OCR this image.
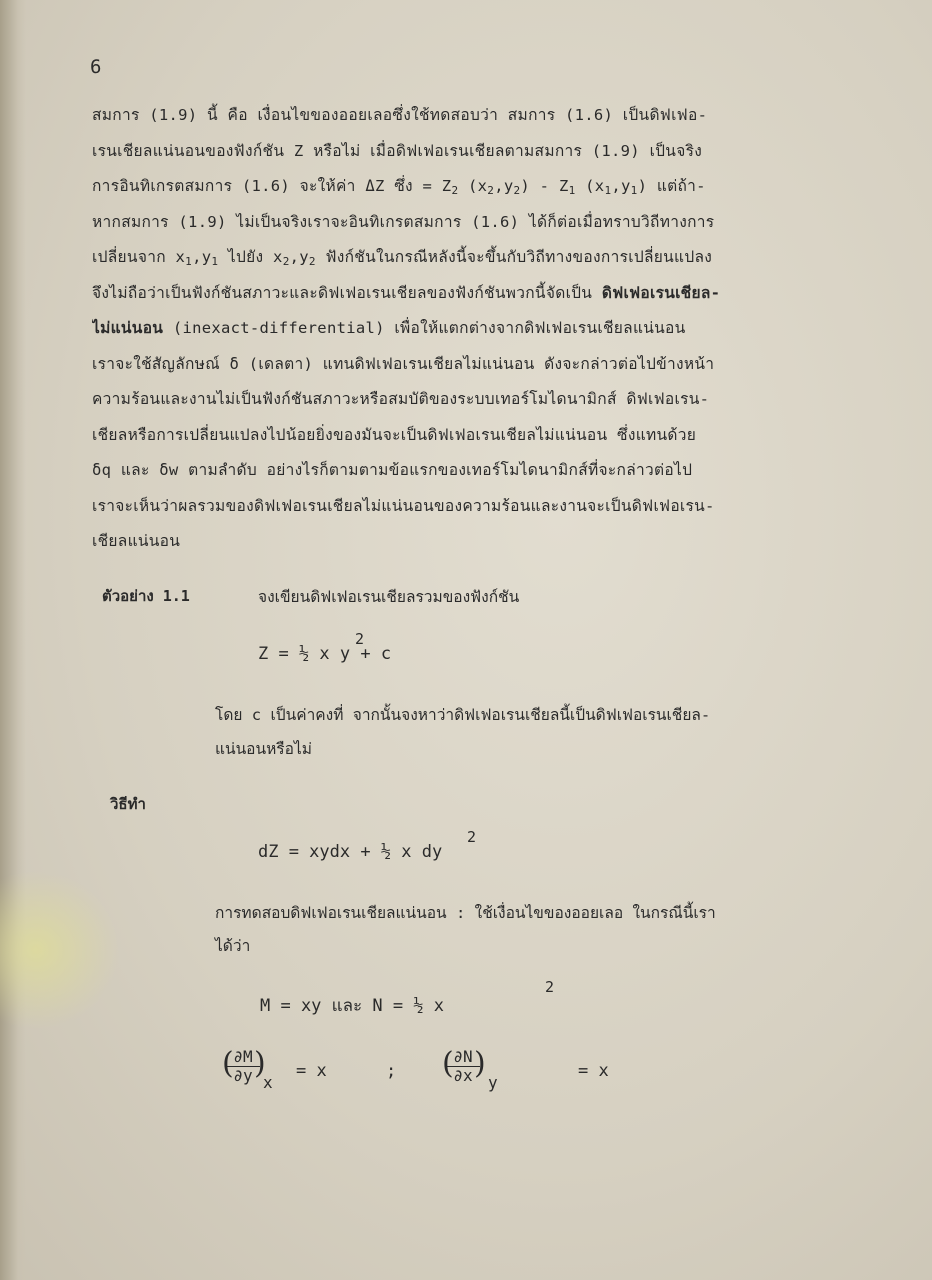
6
สมการ (1.9) นี้ คือ เงื่อนไขของออยเลอซึ่งใช้ทดสอบว่า สมการ (1.6) เป็นดิฟเฟอ-
เรนเชียลแน่นอนของฟังก์ชัน Z หรือไม่ เมื่อดิฟเฟอเรนเชียลตามสมการ (1.9) เป็นจริง
การอินทิเกรตสมการ (1.6) จะให้ค่า ΔZ ซึ่ง = $Z_2$ $(x_2,y_2) - Z_1$ $(x_1,y_1)$ แต่ถ้า-
หากสมการ (1.9) ไม่เป็นจริงเราจะอินทิเกรตสมการ (1.6) ได้ก็ต่อเมื่อทราบวิถีทางการ
เปลี่ยนจาก $x_1,y_1$ ไปยัง $x_2,y_2$ ฟังก์ชันในกรณีหลังนี้จะขึ้นกับวิถีทางของการเปลี่ยนแปลง
จึงไม่ถือว่าเป็นฟังก์ชันสภาวะและดิฟเฟอเรนเชียลของฟังก์ชันพวกนี้จัดเป็น ดิฟเฟอเรนเชียล-
ไม่แน่นอน (inexact-differential) เพื่อให้แตกต่างจากดิฟเฟอเรนเชียลแน่นอน
เราจะใช้สัญลักษณ์ δ (เดลตา) แทนดิฟเฟอเรนเชียลไม่แน่นอน ดังจะกล่าวต่อไปข้างหน้า
ความร้อนและงานไม่เป็นฟังก์ชันสภาวะหรือสมบัติของระบบเทอร์โมไดนามิกส์ ดิฟเฟอเรน-
เชียลหรือการเปลี่ยนแปลงไปน้อยยิ่งของมันจะเป็นดิฟเฟอเรนเชียลไม่แน่นอน ซึ่งแทนด้วย
δq และ δw ตามลำดับ อย่างไรก็ตามตามข้อแรกของเทอร์โมไดนามิกส์ที่จะกล่าวต่อไป
เราจะเห็นว่าผลรวมของดิฟเฟอเรนเชียลไม่แน่นอนของความร้อนและงานจะเป็นดิฟเฟอเรน-
เชียลแน่นอน
ตัวอย่าง 1.1	จงเขียนดิฟเฟอเรนเชียลรวมของฟังก์ชัน
Z = ½ x y + c
2
โดย c เป็นค่าคงที่ จากนั้นจงหาว่าดิฟเฟอเรนเชียลนี้เป็นดิฟเฟอเรนเชียล-
แน่นอนหรือไม่
วิธีทำ
dZ = xydx + ½ x dy
2
การทดสอบดิฟเฟอเรนเชียลแน่นอน : ใช้เงื่อนไขของออยเลอ ในกรณีนี้เรา
ได้ว่า
M = xy และ N = ½ x
2
(
$\frac{\partial M}{\partial y}$
)
x
= x	; (
$\frac{\partial N}{\partial x}$
)
y
= x
